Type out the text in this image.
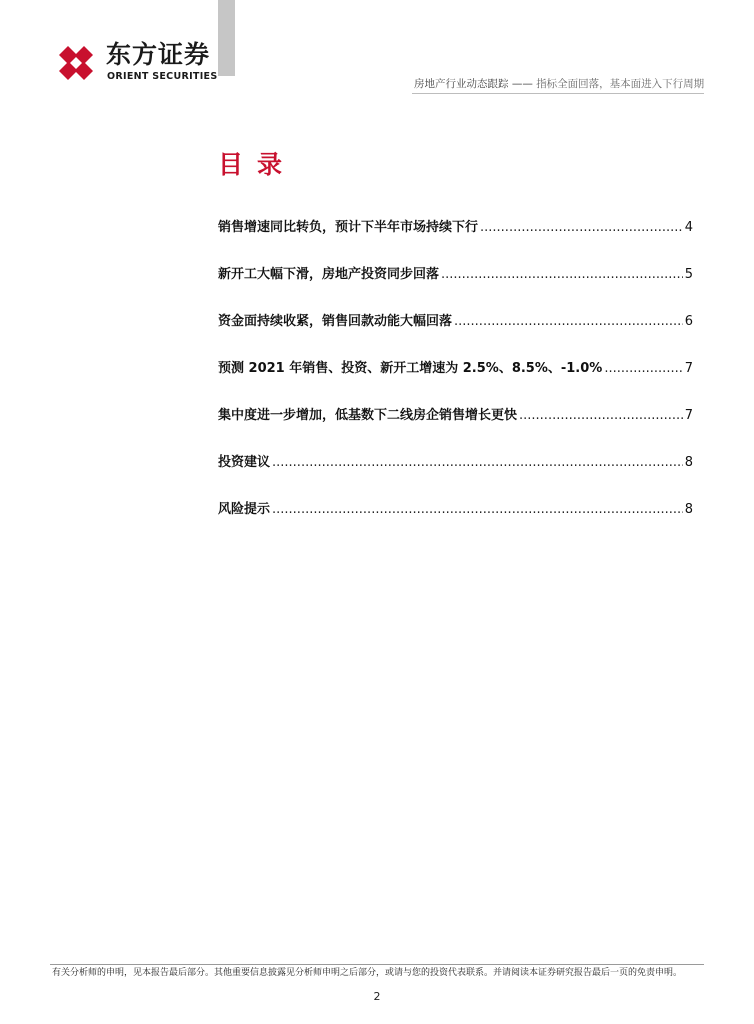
东方证券
ORIENT SECURITIES
房地产行业动态跟踪 —— 指标全面回落，基本面进入下行周期
目录
销售增速同比转负，预计下半年市场持续下行 .....	4
新开工大幅下滑，房地产投资同步回落 .....	5
资金面持续收紧，销售回款动能大幅回落 .....	6
预测 2021 年销售、投资、新开工增速为 2.5%、8.5%、-1.0% .....	7
集中度进一步增加，低基数下二线房企销售增长更快 .....	7
投资建议 .....	8
风险提示 .....	8
有关分析师的申明，见本报告最后部分。其他重要信息披露见分析师申明之后部分，或请与您的投资代表联系。并请阅读本证券研究报告最后一页的免责申明。
2
